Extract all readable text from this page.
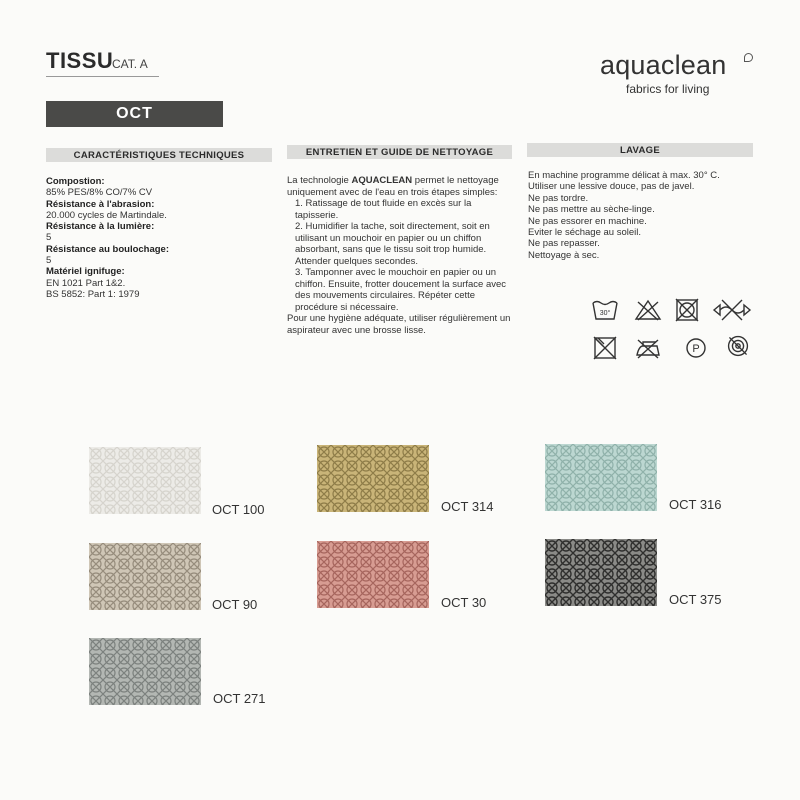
TISSU
CAT. A
OCT
aquaclean
fabrics for living
CARACTÉRISTIQUES TECHNIQUES	ENTRETIEN ET GUIDE DE NETTOYAGE	LAVAGE
Compostion:
85% PES/8% CO/7% CV
Résistance à l'abrasion:
20.000 cycles de Martindale.
Résistance à la lumière:
5
Résistance au boulochage:
5
Matériel ignifuge:
EN 1021 Part 1&2.
BS 5852: Part 1: 1979

La technologie AQUACLEAN permet le nettoyage uniquement avec de l'eau en trois étapes simples:

1. Ratissage de tout fluide en excès sur la tapisserie.

2. Humidifier la tache, soit directement, soit en utilisant un mouchoir en papier ou un chiffon absorbant, sans que le tissu soit trop humide. Attender quelques secondes.

3. Tamponner avec le mouchoir en papier ou un chiffon. Ensuite, frotter doucement la surface avec des mouvements circulaires. Répéter cette procédure si nécessaire.

Pour une hygiène adéquate, utiliser régulièrement un aspirateur avec une brosse lisse.

En machine programme délicat à max. 30° C.
Utiliser une lessive douce, pas de javel.
Ne pas tordre.
Ne pas mettre au sèche-linge.
Ne pas essorer en machine.
Eviter le séchage au soleil.
Ne pas repasser.
Nettoyage à sec.
30°
P
OCT 100	OCT 314	OCT 316
OCT 90	OCT 30	OCT 375
OCT 271
